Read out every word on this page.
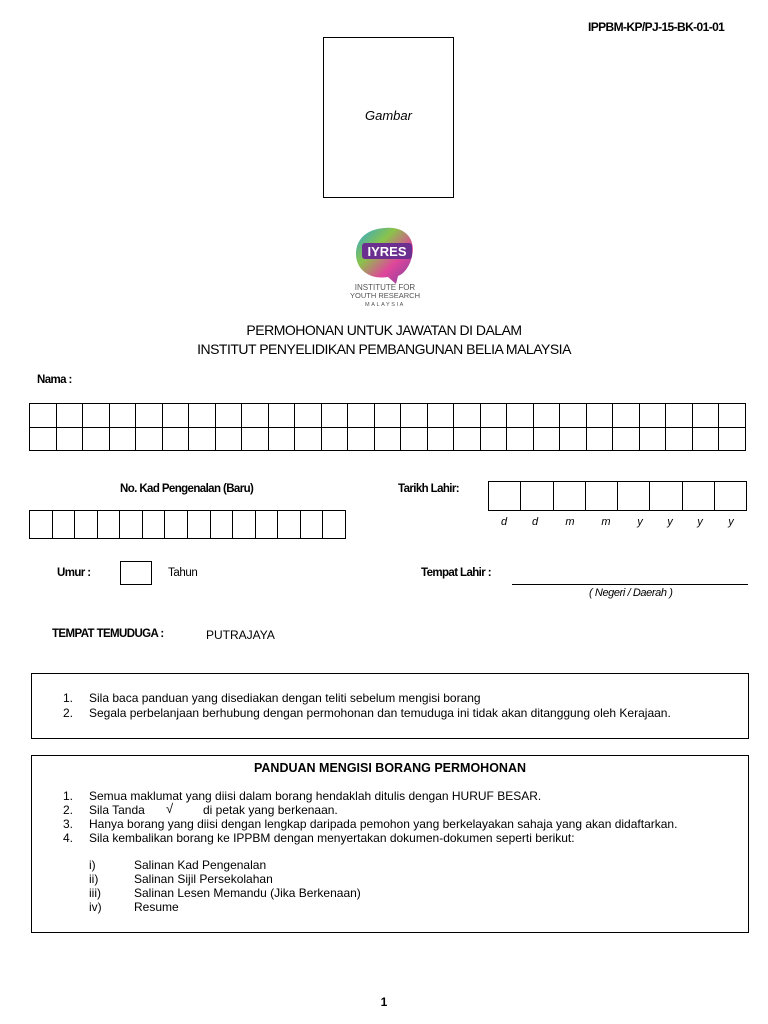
IPPBM-KP/PJ-15-BK-01-01
Gambar
IYRES
INSTITUTE FOR
YOUTH RESEARCH
MALAYSIA
PERMOHONAN UNTUK JAWATAN DI DALAM
INSTITUT PENYELIDIKAN PEMBANGUNAN BELIA MALAYSIA
Nama :

No. Kad Pengenalan (Baru)
														Tarikh Lahir:

d	d	m	m	y	y	y	y
Umur :	Tahun	Tempat Lahir :
( Negeri / Daerah )
TEMPAT TEMUDUGA :	PUTRAJAYA
1. Sila baca panduan yang disediakan dengan teliti sebelum mengisi borang
2. Segala perbelanjaan berhubung dengan permohonan dan temuduga ini tidak akan ditanggung oleh Kerajaan.
PANDUAN MENGISI BORANG PERMOHONAN
1. Semua maklumat yang diisi dalam borang hendaklah ditulis dengan HURUF BESAR.
2. Sila Tanda √ di petak yang berkenaan.
3. Hanya borang yang diisi dengan lengkap daripada pemohon yang berkelayakan sahaja yang akan didaftarkan.
4. Sila kembalikan borang ke IPPBM dengan menyertakan dokumen-dokumen seperti berikut:
i)	Salinan Kad Pengenalan
ii)	Salinan Sijil Persekolahan
iii)	Salinan Lesen Memandu (Jika Berkenaan)
iv)	Resume
1
